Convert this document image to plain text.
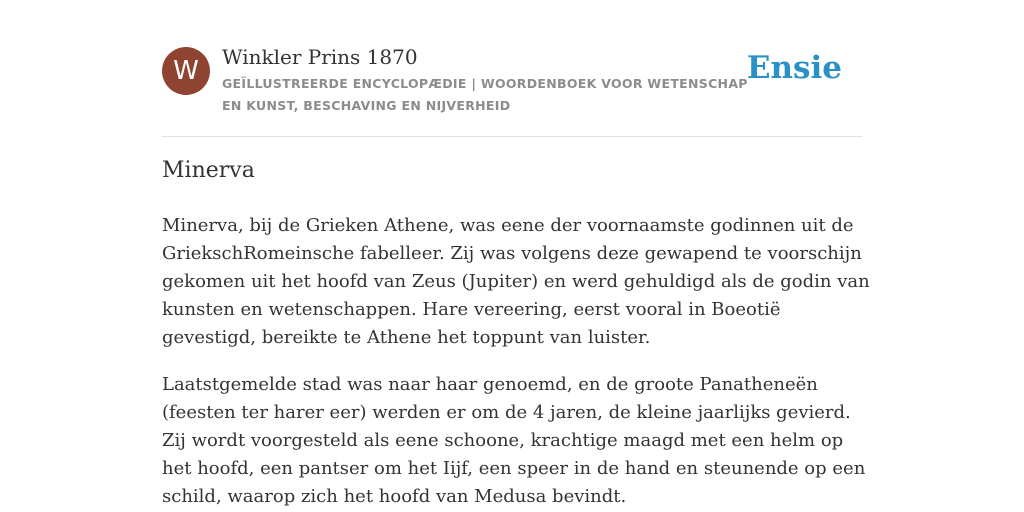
W	Winkler Prins 1870
GEÏLLUSTREERDE ENCYCLOPÆDIE | WOORDENBOEK VOOR WETENSCHAP EN KUNST, BESCHAVING EN NIJVERHEID
Ensie
Minerva

Minerva, bij de Grieken Athene, was eene der voornaamste godinnen uit de GriekschRomeinsche fabelleer. Zij was volgens deze gewapend te voorschijn gekomen uit het hoofd van Zeus (Jupiter) en werd gehuldigd als de godin van kunsten en wetenschappen. Hare vereering, eerst vooral in Boeotië gevestigd, bereikte te Athene het toppunt van luister.

Laatstgemelde stad was naar haar genoemd, en de groote Panatheneën (feesten ter harer eer) werden er om de 4 jaren, de kleine jaarlijks gevierd. Zij wordt voorgesteld als eene schoone, krachtige maagd met een helm op het hoofd, een pantser om het Iijf, een speer in de hand en steunende op een schild, waarop zich het hoofd van Medusa bevindt.
